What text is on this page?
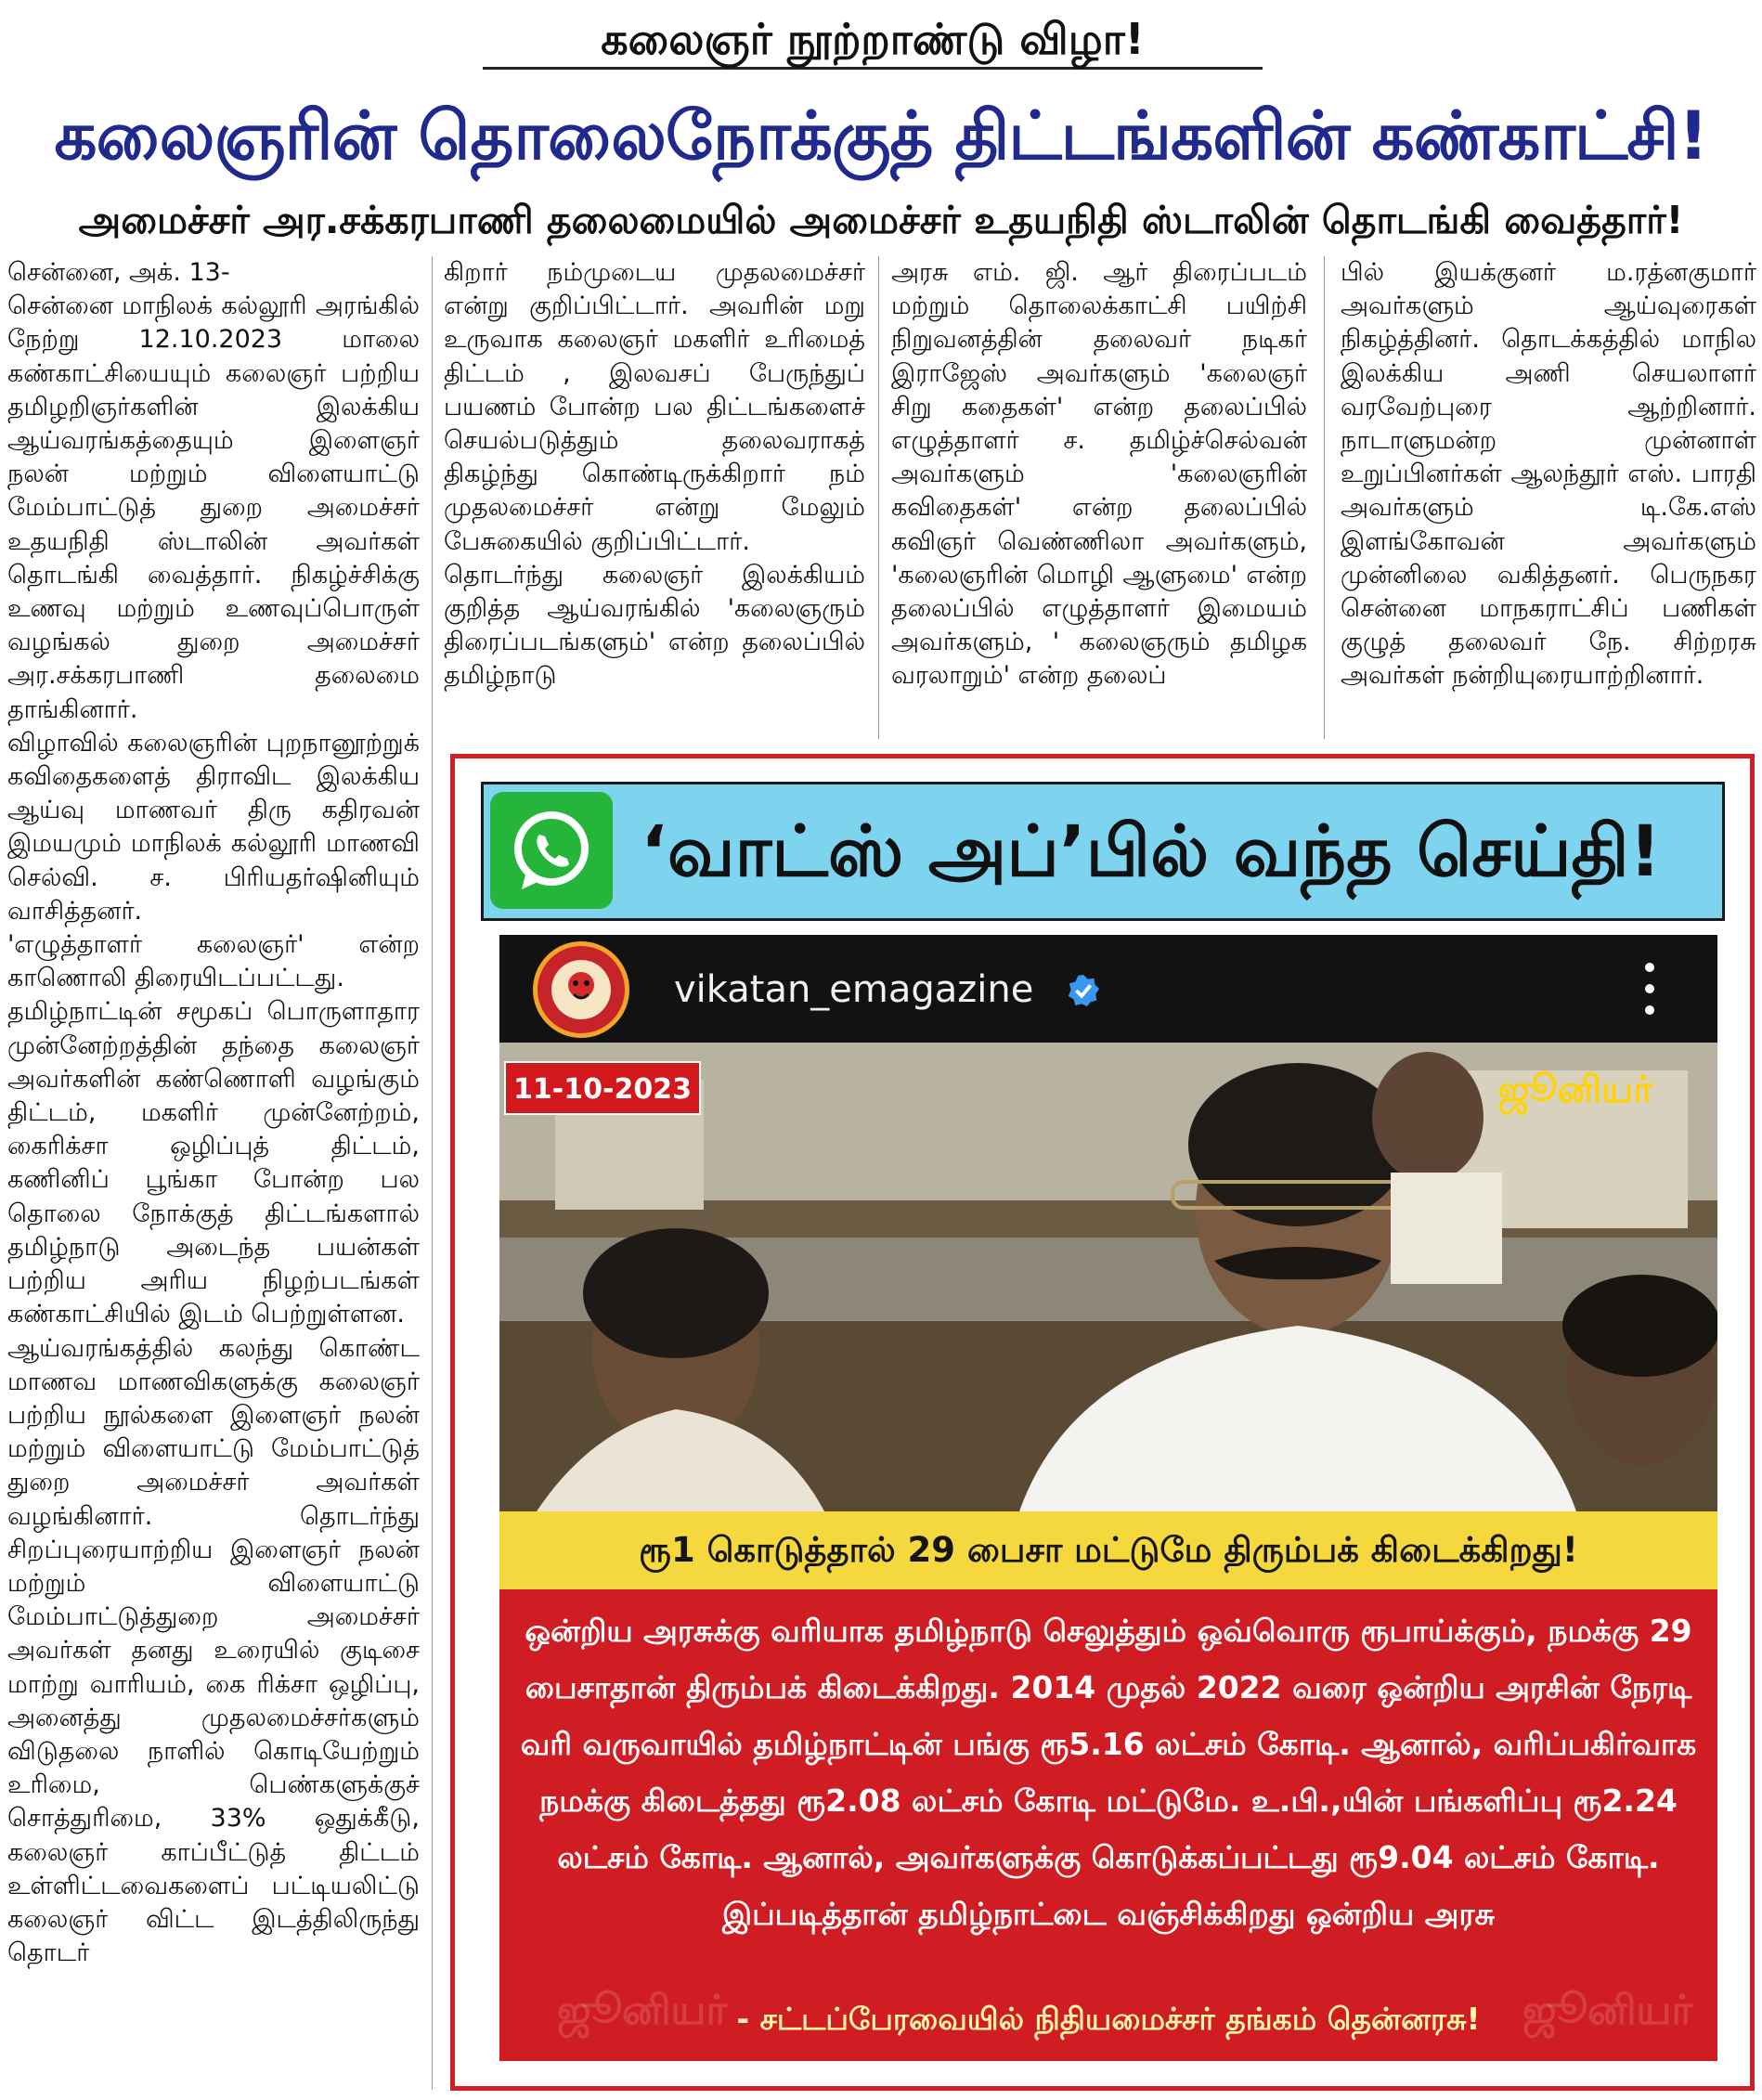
கலைஞர் நூற்றாண்டு விழா!
கலைஞரின் தொலைநோக்குத் திட்டங்களின் கண்காட்சி!
அமைச்சர் அர.சக்கரபாணி தலைமையில் அமைச்சர் உதயநிதி ஸ்டாலின் தொடங்கி வைத்தார்!
சென்னை, அக். 13-
சென்னை மாநிலக் கல்லூரி அரங்கில் நேற்று 12.10.2023 மாலை கண்காட்சியையும் கலைஞர் பற்றிய தமிழறிஞர்களின் இலக்கிய ஆய்வரங்கத்தையும் இளைஞர் நலன் மற்றும் விளையாட்டு மேம்பாட்டுத் துறை அமைச்சர் உதயநிதி ஸ்டாலின் அவர்கள் தொடங்கி வைத்தார். நிகழ்ச்சிக்கு உணவு மற்றும் உணவுப்பொருள் வழங்கல் துறை அமைச்சர் அர.சக்கரபாணி தலைமை தாங்கினார்.
விழாவில் கலைஞரின் புறநானூற்றுக் கவிதைகளைத் திராவிட இலக்கிய ஆய்வு மாணவர் திரு கதிரவன் இமயமும் மாநிலக் கல்லூரி மாணவி செல்வி. ச. பிரியதர்ஷினியும் வாசித்தனர்.
'எழுத்தாளர் கலைஞர்' என்ற காணொலி திரையிடப்பட்டது.
தமிழ்நாட்டின் சமூகப் பொருளாதார முன்னேற்றத்தின் தந்தை கலைஞர் அவர்களின் கண்ணொளி வழங்கும் திட்டம், மகளிர் முன்னேற்றம், கைரிக்சா ஒழிப்புத் திட்டம், கணினிப் பூங்கா போன்ற பல தொலை நோக்குத் திட்டங்களால் தமிழ்நாடு அடைந்த பயன்கள் பற்றிய அரிய நிழற்படங்கள் கண்காட்சியில் இடம் பெற்றுள்ளன.
ஆய்வரங்கத்தில் கலந்து கொண்ட மாணவ மாணவிகளுக்கு கலைஞர் பற்றிய நூல்களை இளைஞர் நலன் மற்றும் விளையாட்டு மேம்பாட்டுத் துறை அமைச்சர் அவர்கள் வழங்கினார். தொடர்ந்து சிறப்புரையாற்றிய இளைஞர் நலன் மற்றும் விளையாட்டு மேம்பாட்டுத்துறை அமைச்சர் அவர்கள் தனது உரையில் குடிசை மாற்று வாரியம், கை ரிக்சா ஒழிப்பு, அனைத்து முதலமைச்சர்களும் விடுதலை நாளில் கொடியேற்றும் உரிமை, பெண்களுக்குச் சொத்துரிமை, 33% ஒதுக்கீடு, கலைஞர் காப்பீட்டுத் திட்டம் உள்ளிட்டவைகளைப் பட்டியலிட்டு கலைஞர் விட்ட இடத்திலிருந்து தொடர்
கிறார் நம்முடைய முதலமைச்சர் என்று குறிப்பிட்டார். அவரின் மறு உருவாக கலைஞர் மகளிர் உரிமைத் திட்டம் , இலவசப் பேருந்துப் பயணம் போன்ற பல திட்டங்களைச் செயல்படுத்தும் தலைவராகத் திகழ்ந்து கொண்டிருக்கிறார் நம் முதலமைச்சர் என்று மேலும் பேசுகையில் குறிப்பிட்டார்.
தொடர்ந்து கலைஞர் இலக்கியம் குறித்த ஆய்வரங்கில் 'கலைஞரும் திரைப்படங்களும்' என்ற தலைப்பில் தமிழ்நாடு
அரசு எம். ஜி. ஆர் திரைப்படம் மற்றும் தொலைக்காட்சி பயிற்சி நிறுவனத்தின் தலைவர் நடிகர் இராஜேஸ் அவர்களும் 'கலைஞர் சிறு கதைகள்' என்ற தலைப்பில் எழுத்தாளர் ச. தமிழ்ச்செல்வன் அவர்களும் 'கலைஞரின் கவிதைகள்' என்ற தலைப்பில் கவிஞர் வெண்ணிலா அவர்களும், 'கலைஞரின் மொழி ஆளுமை' என்ற தலைப்பில் எழுத்தாளர் இமையம் அவர்களும், ' கலைஞரும் தமிழக வரலாறும்' என்ற தலைப்
பில் இயக்குனர் ம.ரத்னகுமார் அவர்களும் ஆய்வுரைகள் நிகழ்த்தினர். தொடக்கத்தில் மாநில இலக்கிய அணி செயலாளர் வரவேற்புரை ஆற்றினார். நாடாளுமன்ற முன்னாள் உறுப்பினர்கள் ஆலந்தூர் எஸ். பாரதி அவர்களும் டி.கே.எஸ் இளங்கோவன் அவர்களும் முன்னிலை வகித்தனர். பெருநகர சென்னை மாநகராட்சிப் பணிகள் குழுத் தலைவர் நே. சிற்றரசு அவர்கள் நன்றியுரையாற்றினார்.
‘வாட்ஸ் அப்’பில் வந்த செய்தி!
vikatan_emagazine
11-10-2023	ஜூனியர்
ரூ1 கொடுத்தால் 29 பைசா மட்டுமே திரும்பக் கிடைக்கிறது!
ஜூனியர்	ஜூனியர்
ஒன்றிய அரசுக்கு வரியாக தமிழ்நாடு செலுத்தும் ஒவ்வொரு ரூபாய்க்கும், நமக்கு 29 பைசாதான் திரும்பக் கிடைக்கிறது. 2014 முதல் 2022 வரை ஒன்றிய அரசின் நேரடி வரி வருவாயில் தமிழ்நாட்டின் பங்கு ரூ5.16 லட்சம் கோடி. ஆனால், வரிப்பகிர்வாக நமக்கு கிடைத்தது ரூ2.08 லட்சம் கோடி மட்டுமே. உ.பி.,யின் பங்களிப்பு ரூ2.24 லட்சம் கோடி. ஆனால், அவர்களுக்கு கொடுக்கப்பட்டது ரூ9.04 லட்சம் கோடி. இப்படித்தான் தமிழ்நாட்டை வஞ்சிக்கிறது ஒன்றிய அரசு
- சட்டப்பேரவையில் நிதியமைச்சர் தங்கம் தென்னரசு!
